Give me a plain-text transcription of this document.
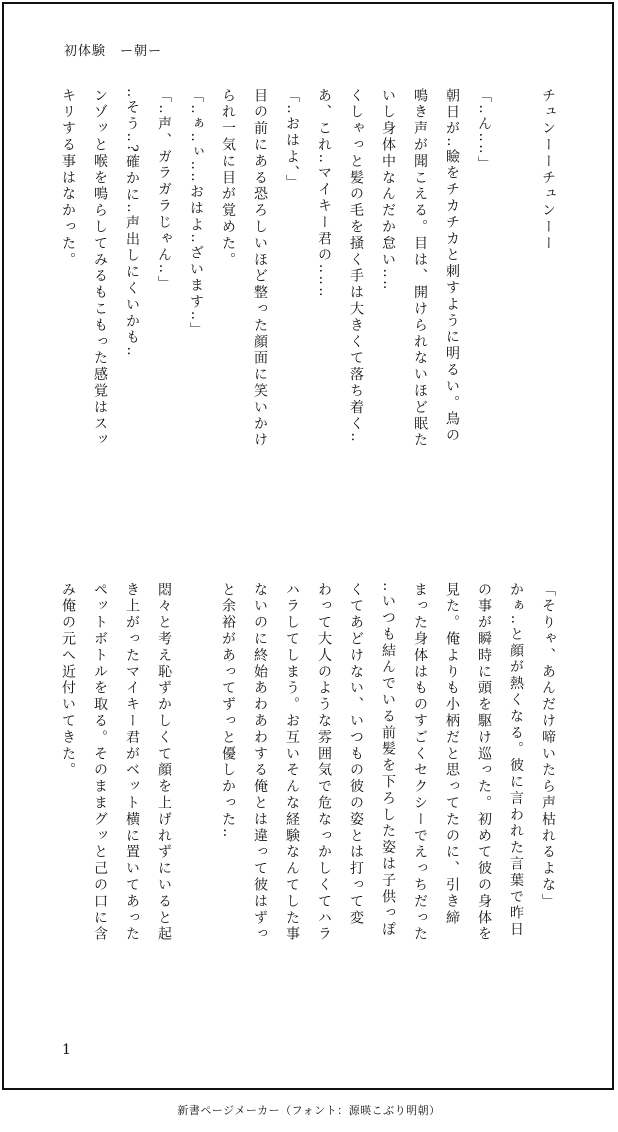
初体験　ー朝ー
チュンーーチュンーー

「‥ん‥‥」
朝日が‥瞼をチカチカと刺すように明るい。鳥の
鳴き声が聞こえる。目は、開けられないほど眠た
いし身体中なんだか怠い‥‥
くしゃっと髪の毛を掻く手は大きくて落ち着く‥
あ、これ‥マイキー君の‥‥‥
「‥おはよ、」
目の前にある恐ろしいほど整った顔面に笑いかけ
られ一気に目が覚めた。
「‥ぁ‥ぃ‥‥おはよ‥ざいます‥」
「‥声、ガラガラじゃん‥」
‥そう‥?確かに‥声出しにくいかも‥
ンゾッと喉を鳴らしてみるもこもった感覚はスッ
キリする事はなかった。
「そりゃ、あんだけ啼いたら声枯れるよな」
かぁ‥と顔が熱くなる。彼に言われた言葉で昨日
の事が瞬時に頭を駆け巡った。初めて彼の身体を
見た。俺よりも小柄だと思ってたのに、引き締
まった身体はものすごくセクシーでえっちだった
‥いつも結んでいる前髪を下ろした姿は子供っぽ
くてあどけない、いつもの彼の姿とは打って変
わって大人のような雰囲気で危なっかしくてハラ
ハラしてしまう。お互いそんな経験なんてした事
ないのに終始あわあわする俺とは違って彼はずっ
と余裕があってずっと優しかった‥

悶々と考え恥ずかしくて顔を上げれずにいると起
き上がったマイキー君がベット横に置いてあった
ペットボトルを取る。そのままグッと己の口に含
み俺の元へ近付いてきた。
1
新書ページメーカー（フォント：源暎こぶり明朝）
